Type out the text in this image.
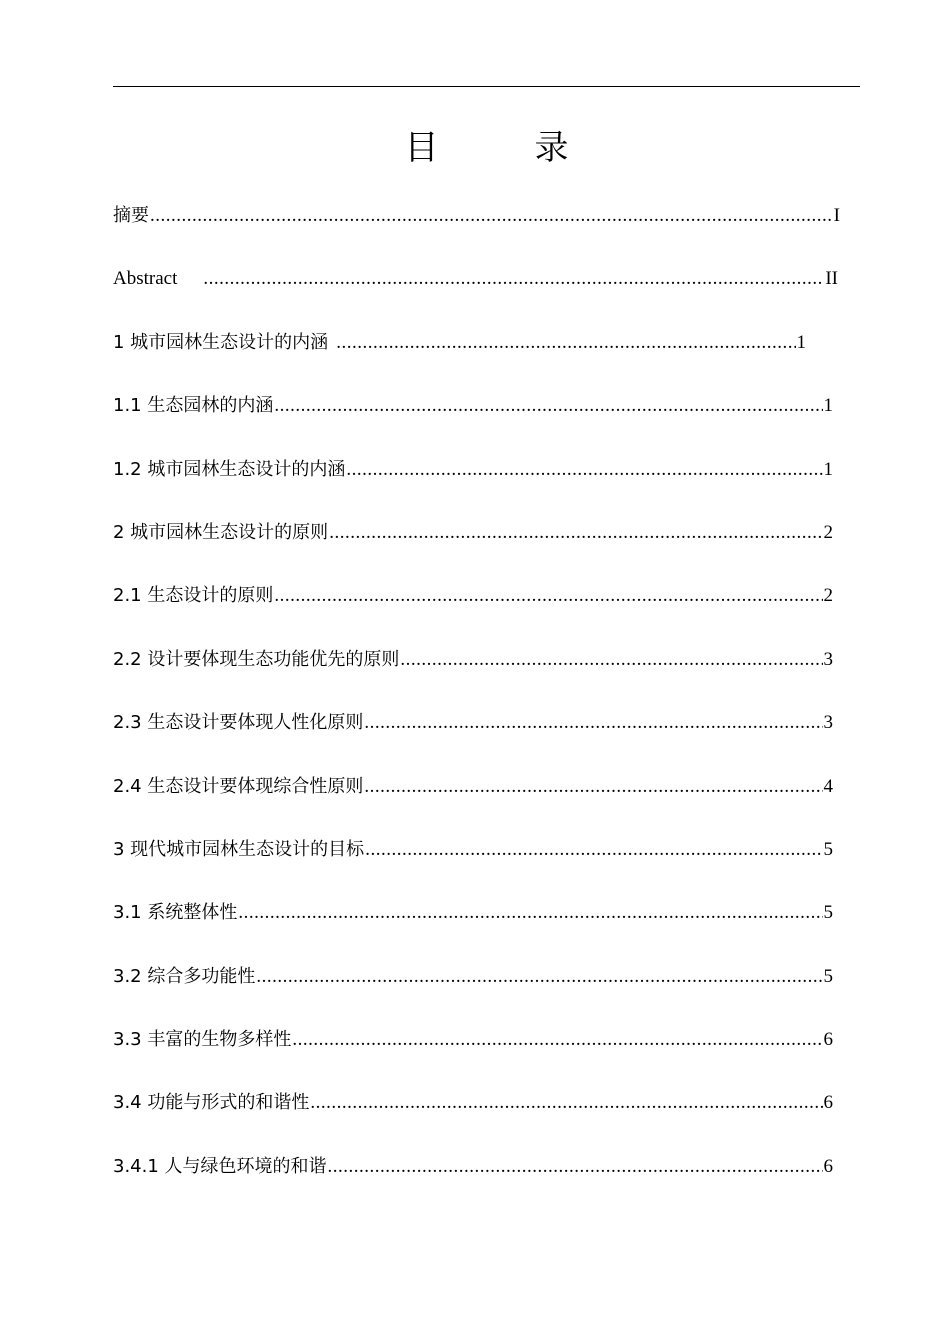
目	录
摘要 .....	I
Abstract .....	II
1 城市园林生态设计的内涵 .....	1
1.1 生态园林的内涵 .....	1
1.2 城市园林生态设计的内涵 .....	1
2 城市园林生态设计的原则 .....	2
2.1 生态设计的原则 .....	2
2.2 设计要体现生态功能优先的原则 .....	3
2.3 生态设计要体现人性化原则 .....	3
2.4 生态设计要体现综合性原则 .....	4
3 现代城市园林生态设计的目标 .....	5
3.1 系统整体性 .....	5
3.2 综合多功能性 .....	5
3.3 丰富的生物多样性 .....	6
3.4 功能与形式的和谐性 .....	6
3.4.1 人与绿色环境的和谐 .....	6
